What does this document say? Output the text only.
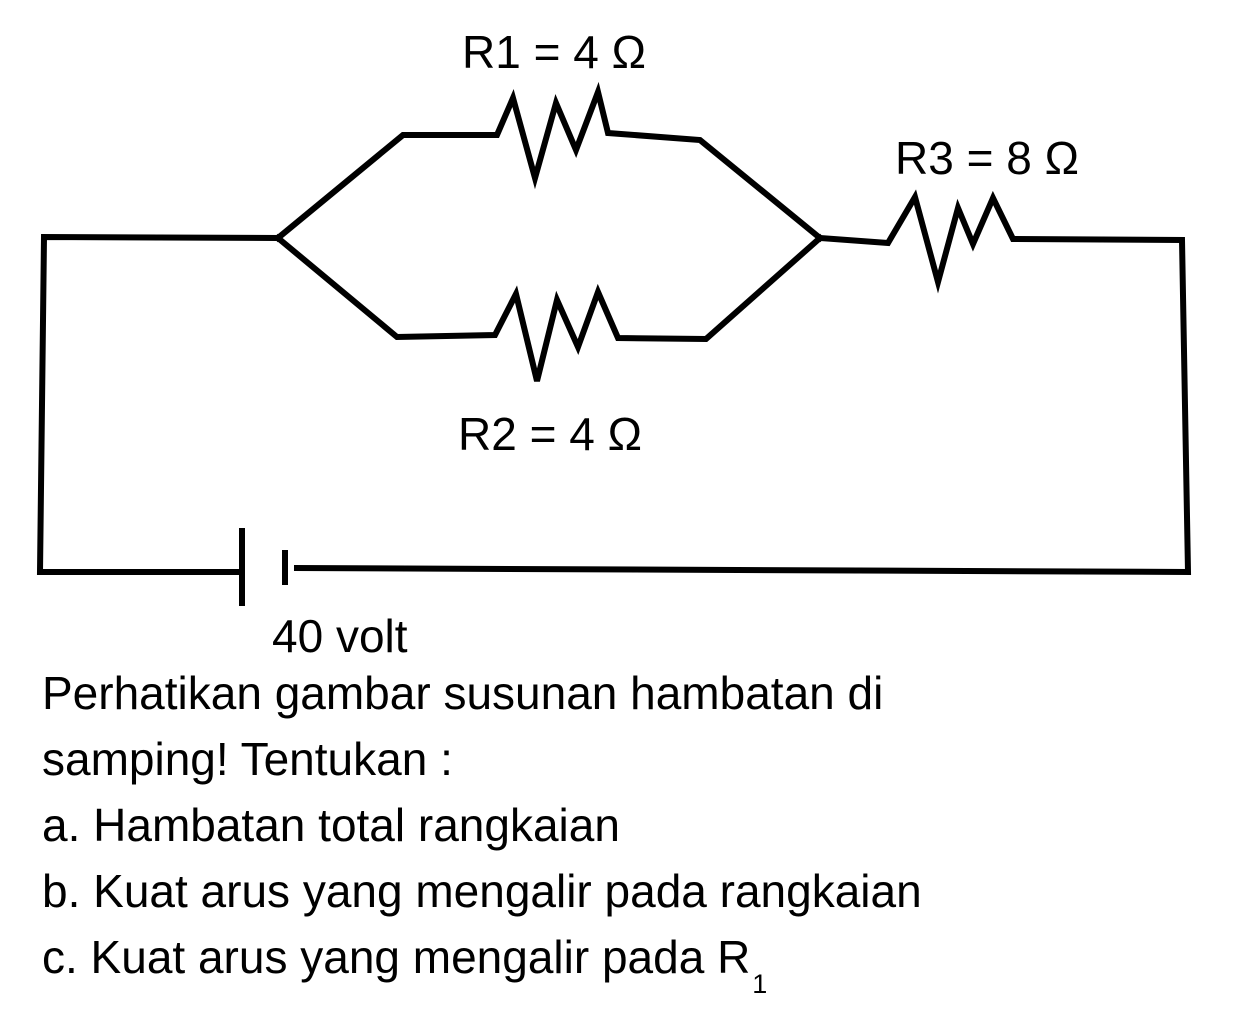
R1 = 4 Ω
R2 = 4 Ω
R3 = 8 Ω
40 volt

Perhatikan gambar susunan hambatan di

samping! Tentukan :

a. Hambatan total rangkaian

b. Kuat arus yang mengalir pada rangkaian

c. Kuat arus yang mengalir pada $R_1$
